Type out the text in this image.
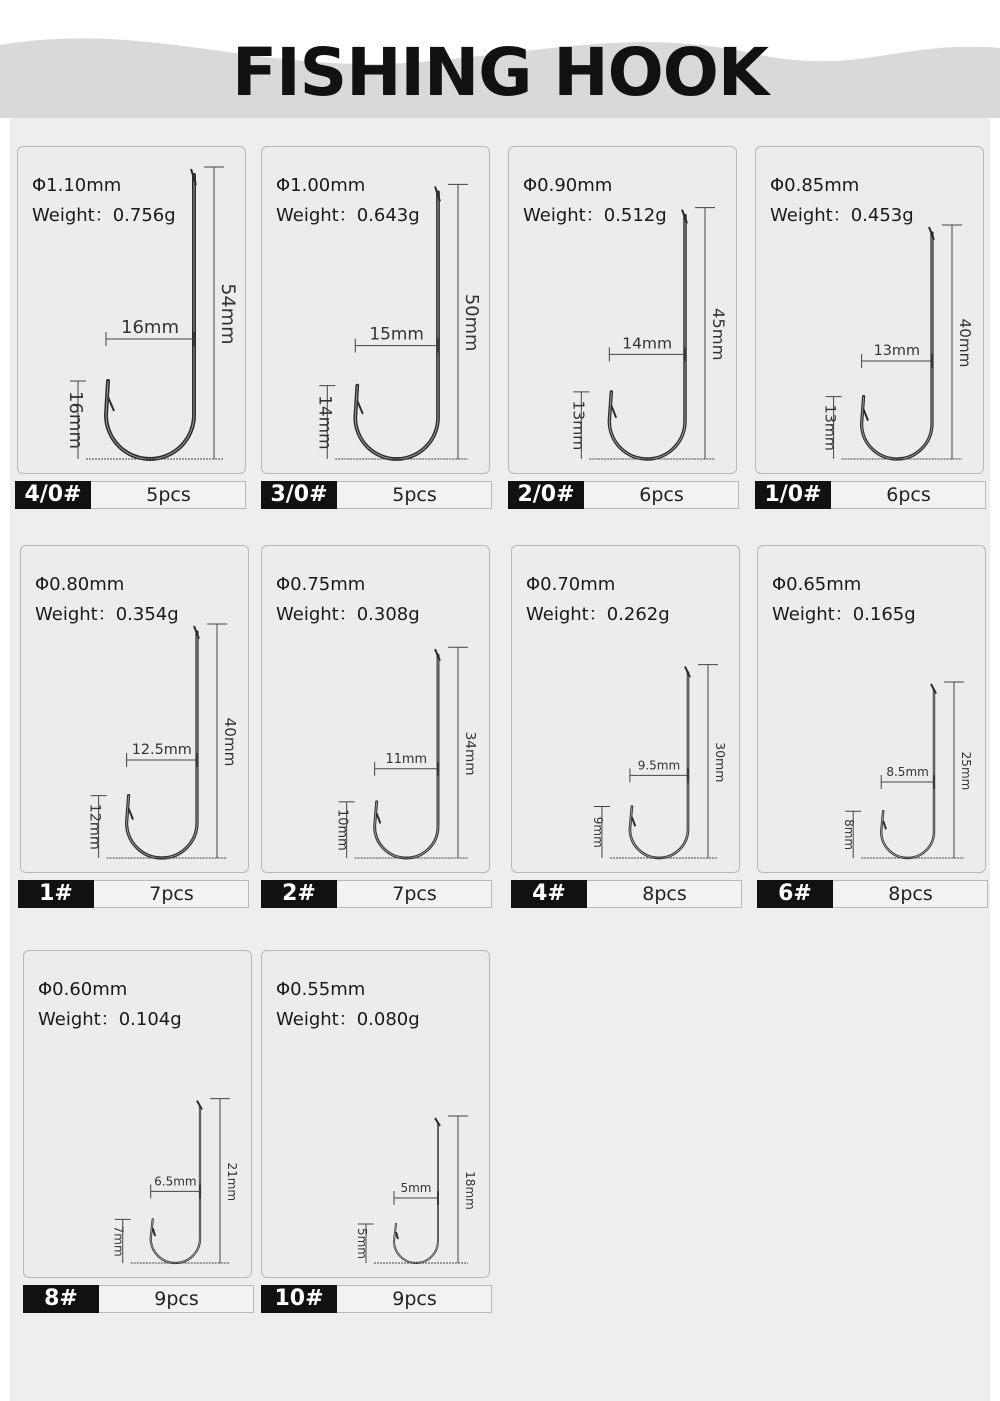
FISHING HOOK
Φ1.10mm
Weight：0.756g
54mm
16mm
16mm
4/0#	5pcs
Φ1.00mm
Weight：0.643g
50mm
15mm
14mm
3/0#	5pcs
Φ0.90mm
Weight：0.512g
45mm
14mm
13mm
2/0#	6pcs
Φ0.85mm
Weight：0.453g
40mm
13mm
13mm
1/0#	6pcs
Φ0.80mm
Weight：0.354g
40mm
12.5mm
12mm
1#	7pcs
Φ0.75mm
Weight：0.308g
34mm
11mm
10mm
2#	7pcs
Φ0.70mm
Weight：0.262g
30mm
9.5mm
9mm
4#	8pcs
Φ0.65mm
Weight：0.165g
25mm
8.5mm
8mm
6#	8pcs
Φ0.60mm
Weight：0.104g
21mm
6.5mm
7mm
8#	9pcs
Φ0.55mm
Weight：0.080g
18mm
5mm
5mm
10#	9pcs
